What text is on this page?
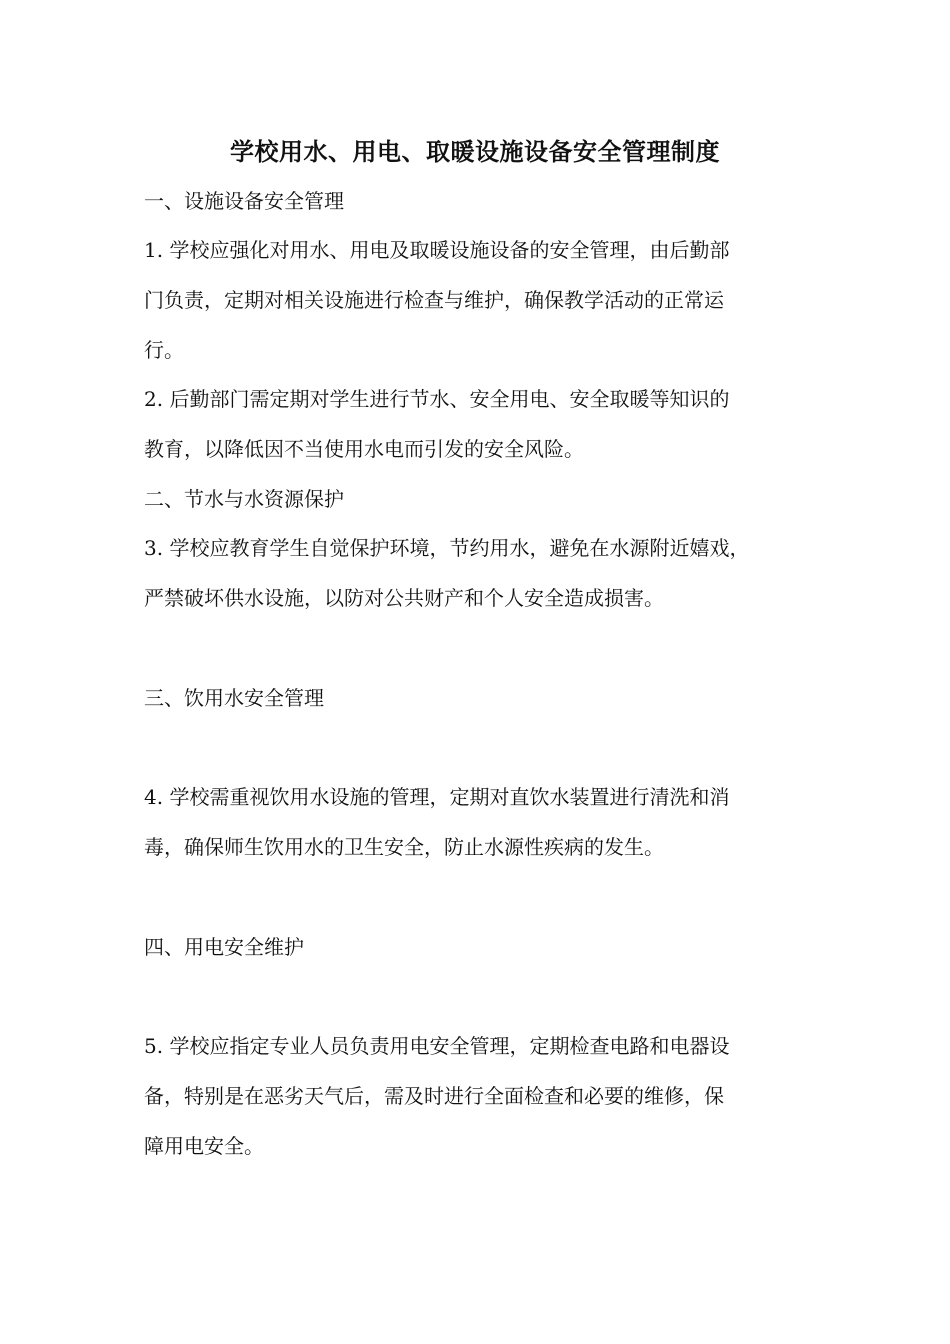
学校用水、用电、取暖设施设备安全管理制度
一、设施设备安全管理

1. 学校应强化对用水、用电及取暖设施设备的安全管理，由后勤部
门负责，定期对相关设施进行检查与维护，确保教学活动的正常运
行。

2. 后勤部门需定期对学生进行节水、安全用电、安全取暖等知识的
教育，以降低因不当使用水电而引发的安全风险。

二、节水与水资源保护

3. 学校应教育学生自觉保护环境，节约用水，避免在水源附近嬉戏，
严禁破坏供水设施，以防对公共财产和个人安全造成损害。

三、饮用水安全管理

4. 学校需重视饮用水设施的管理，定期对直饮水装置进行清洗和消
毒，确保师生饮用水的卫生安全，防止水源性疾病的发生。

四、用电安全维护

5. 学校应指定专业人员负责用电安全管理，定期检查电路和电器设
备，特别是在恶劣天气后，需及时进行全面检查和必要的维修，保
障用电安全。
